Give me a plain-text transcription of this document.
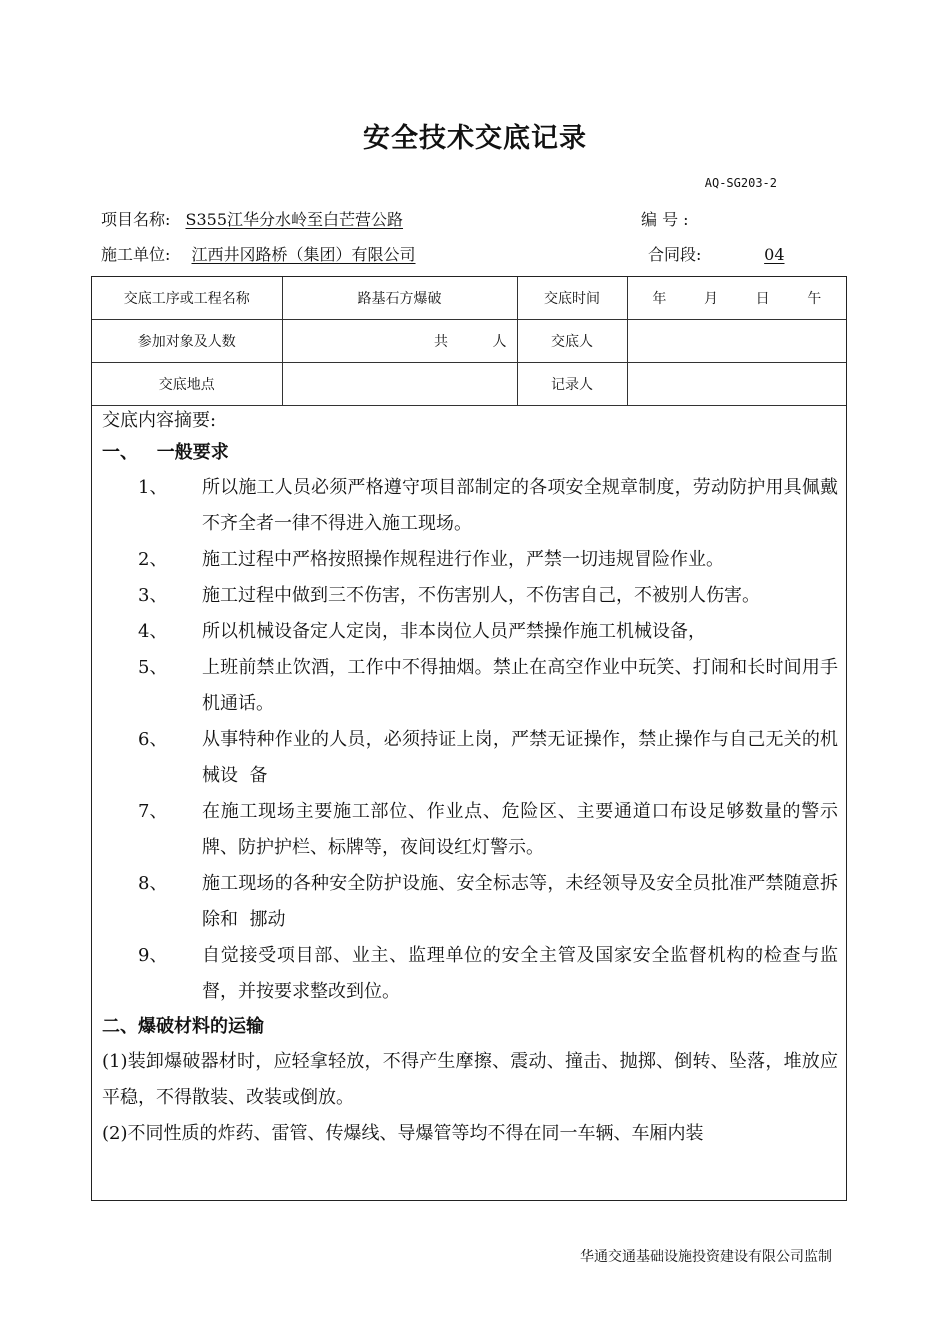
安全技术交底记录
AQ-SG203-2
项目名称: S355江华分水岭至白芒营公路	编 号 :
施工单位: 江西井冈路桥（集团）有限公司	合同段:	04
交底工序或工程名称	路基石方爆破	交底时间	年 月 日 午

参加对象及人数	共 人	交底人	
交底地点		记录人	
交底内容摘要:
一、   一般要求
1、	所以施工人员必须严格遵守项目部制定的各项安全规章制度，劳动防护用具佩戴不齐全者一律不得进入施工现场。
2、	施工过程中严格按照操作规程进行作业，严禁一切违规冒险作业。
3、	施工过程中做到三不伤害，不伤害别人，不伤害自己，不被别人伤害。
4、	所以机械设备定人定岗，非本岗位人员严禁操作施工机械设备，
5、	上班前禁止饮酒，工作中不得抽烟。禁止在高空作业中玩笑、打闹和长时间用手机通话。
6、	从事特种作业的人员，必须持证上岗，严禁无证操作，禁止操作与自己无关的机械设  备
7、	在施工现场主要施工部位、作业点、危险区、主要通道口布设足够数量的警示牌、防护护栏、标牌等，夜间设红灯警示。
8、	施工现场的各种安全防护设施、安全标志等，未经领导及安全员批准严禁随意拆除和  挪动
9、	自觉接受项目部、业主、监理单位的安全主管及国家安全监督机构的检查与监督，并按要求整改到位。
二、爆破材料的运输
(1)装卸爆破器材时，应轻拿轻放，不得产生摩擦、震动、撞击、抛掷、倒转、坠落，堆放应平稳，不得散装、改装或倒放。
(2)不同性质的炸药、雷管、传爆线、导爆管等均不得在同一车辆、车厢内装
华通交通基础设施投资建设有限公司监制
